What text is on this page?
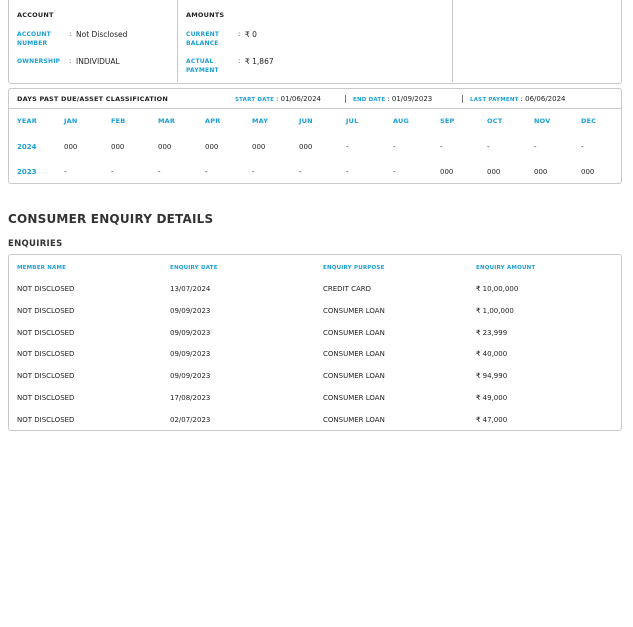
ACCOUNT
ACCOUNT
NUMBER
: Not Disclosed
OWNERSHIP : INDIVIDUAL
AMOUNTS
CURRENT
BALANCE
: ₹ 0
ACTUAL
PAYMENT
: ₹ 1,867
DAYS PAST DUE/ASSET CLASSIFICATION	START DATE : 01/06/2024	| END DATE : 01/09/2023	| LAST PAYMENT : 06/06/2024
YEAR	JAN	FEB	MAR	APR	MAY	JUN	JUL	AUG	SEP	OCT	NOV	DEC
2024	000	000	000	000	000	000	-	-	-	-	-	-
2023	-	-	-	-	-	-	-	-	000	000	000	000
CONSUMER ENQUIRY DETAILS
ENQUIRIES
MEMBER NAME	ENQUIRY DATE	ENQUIRY PURPOSE	ENQUIRY AMOUNT
NOT DISCLOSED	13/07/2024	CREDIT CARD	₹ 10,00,000
NOT DISCLOSED	09/09/2023	CONSUMER LOAN	₹ 1,00,000
NOT DISCLOSED	09/09/2023	CONSUMER LOAN	₹ 23,999
NOT DISCLOSED	09/09/2023	CONSUMER LOAN	₹ 40,000
NOT DISCLOSED	09/09/2023	CONSUMER LOAN	₹ 94,990
NOT DISCLOSED	17/08/2023	CONSUMER LOAN	₹ 49,000
NOT DISCLOSED	02/07/2023	CONSUMER LOAN	₹ 47,000
